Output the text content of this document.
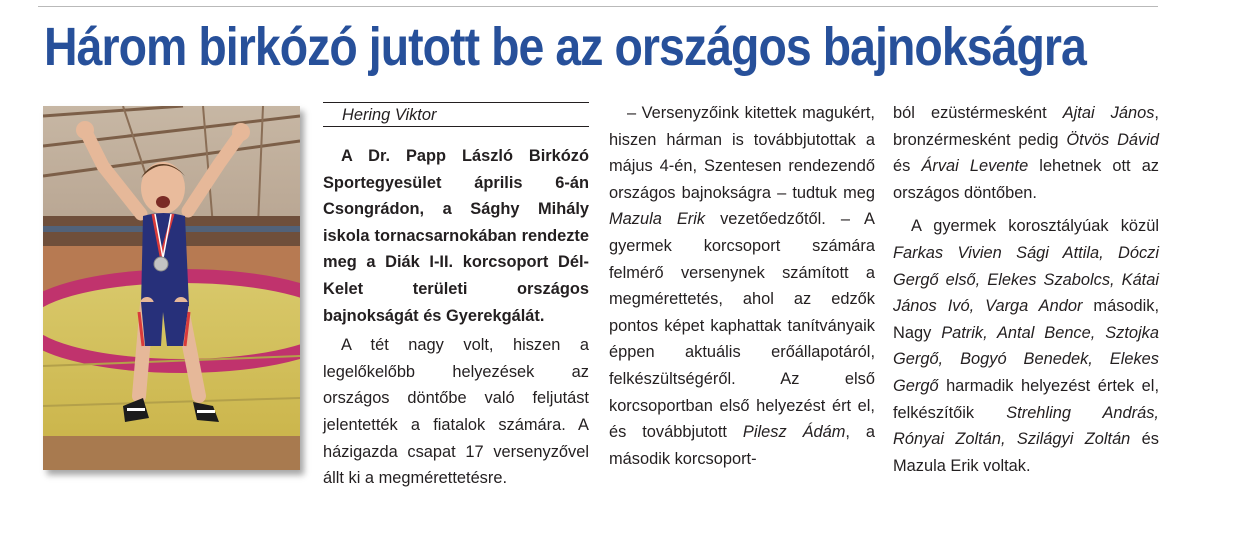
Három birkózó jutott be az országos bajnokságra
Hering Viktor

A Dr. Papp László Birkózó Sportegyesület április 6-án Csongrádon, a Sághy Mihály iskola tornacsarnokában rendezte meg a Diák I-II. korcsoport Dél-Kelet területi országos bajnokságát és Gyerekgálát.

A tét nagy volt, hiszen a legelőkelőbb helyezések az országos döntőbe való feljutást jelentették a fiatalok számára. A házigazda csapat 17 versenyzővel állt ki a megmérettetésre.

– Versenyzőink kitettek magukért, hiszen hárman is továbbjutottak a május 4-én, Szentesen rendezendő országos bajnokságra – tudtuk meg Mazula Erik vezetőedzőtől. – A gyermek korcsoport számára felmérő versenynek számított a megmérettetés, ahol az edzők pontos képet kaphattak tanítványaik éppen aktuális erőállapotáról, felkészültségéről. Az első korcsoportban első helyezést ért el, és továbbjutott Pilesz Ádám, a második korcsoport-

ból ezüstérmesként Ajtai János, bronzérmesként pedig Ötvös Dávid és Árvai Levente lehetnek ott az országos döntőben.

A gyermek korosztályúak közül Farkas Vivien Sági Attila, Dóczi Gergő első, Elekes Szabolcs, Kátai János Ivó, Varga Andor második, Nagy Patrik, Antal Bence, Sztojka Gergő, Bogyó Benedek, Elekes Gergő harmadik helyezést értek el, felkészítőik Strehling András, Rónyai Zoltán, Szilágyi Zoltán és Mazula Erik voltak.
